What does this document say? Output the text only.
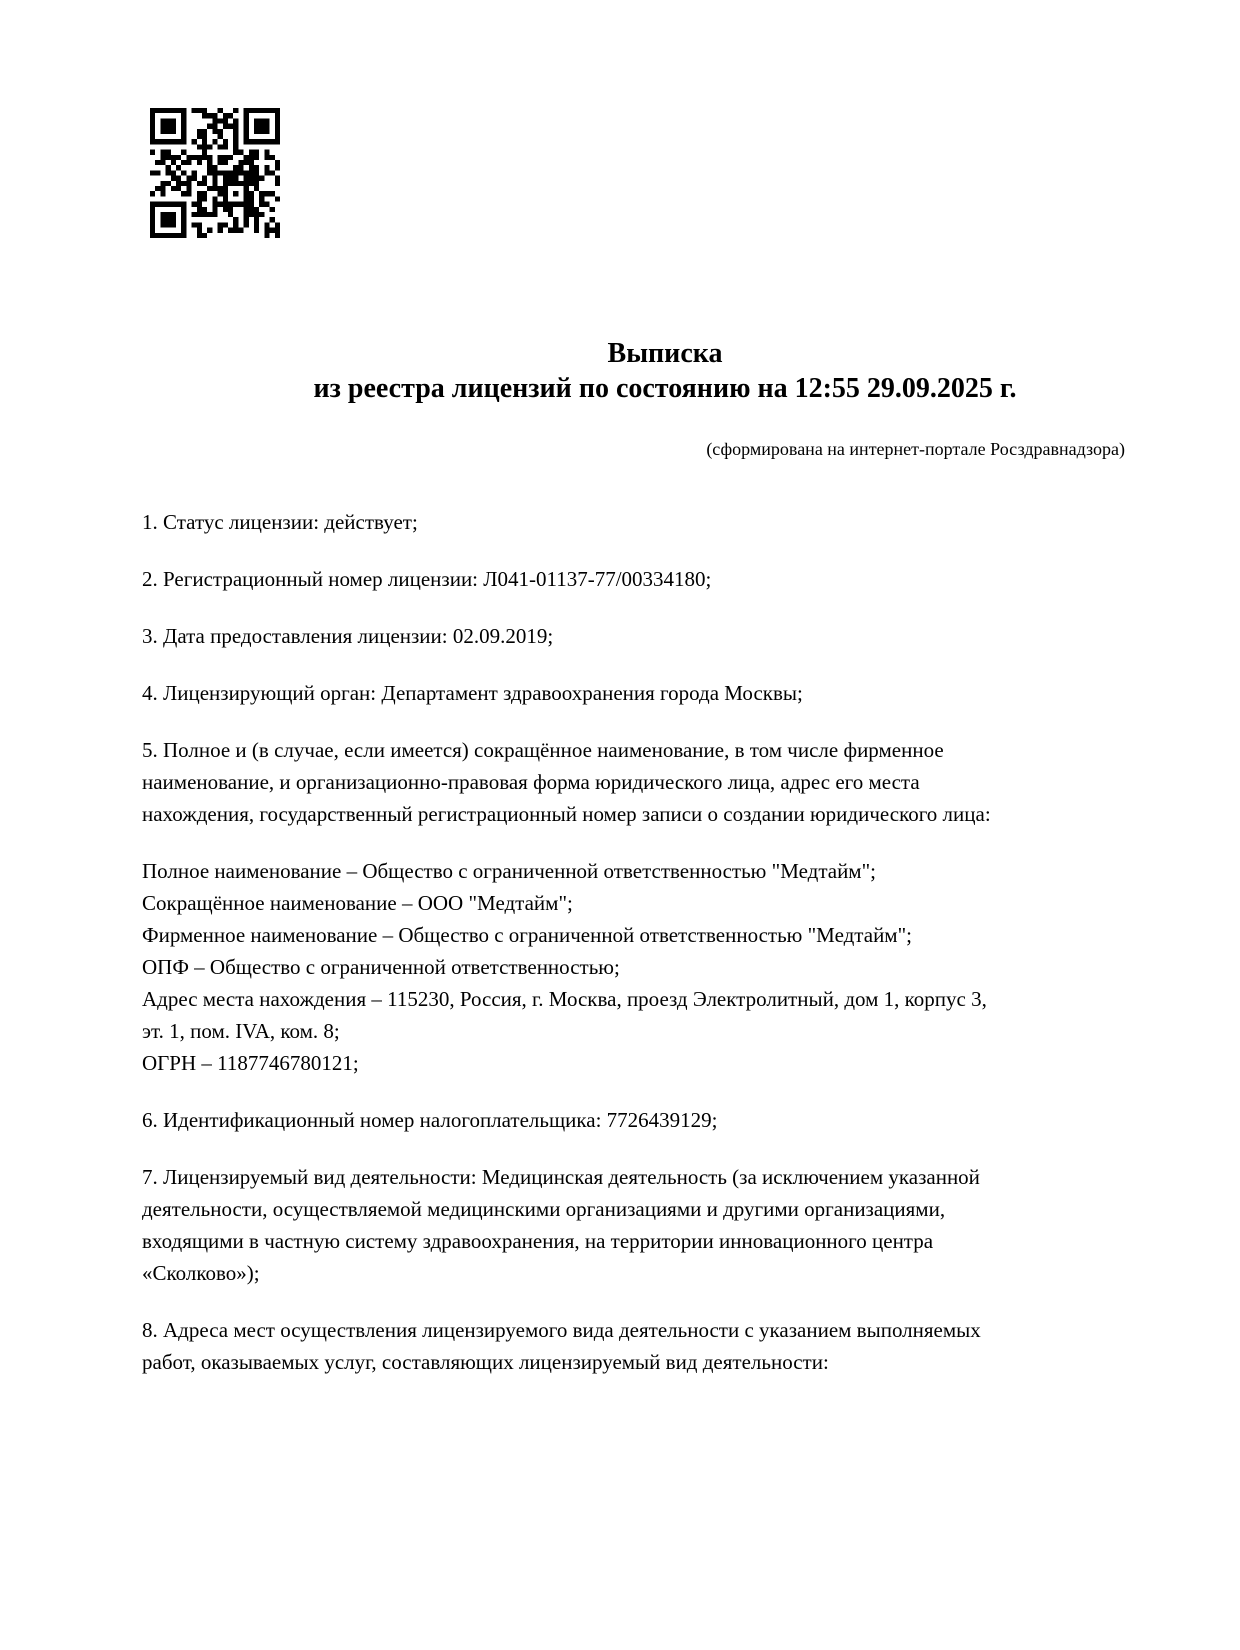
Выписка
из реестра лицензий по состоянию на 12:55 29.09.2025 г.
(сформирована на интернет-портале Росздравнадзора)
1. Статус лицензии: действует;
2. Регистрационный номер лицензии: Л041-01137-77/00334180;
3. Дата предоставления лицензии: 02.09.2019;
4. Лицензирующий орган: Департамент здравоохранения города Москвы;
5. Полное и (в случае, если имеется) сокращённое наименование, в том числе фирменное
наименование, и организационно-правовая форма юридического лица, адрес его места
нахождения, государственный регистрационный номер записи о создании юридического лица:
Полное наименование – Общество с ограниченной ответственностью "Медтайм";
Сокращённое наименование – ООО "Медтайм";
Фирменное наименование – Общество с ограниченной ответственностью "Медтайм";
ОПФ – Общество с ограниченной ответственностью;
Адрес места нахождения – 115230, Россия, г. Москва, проезд Электролитный, дом 1, корпус 3,
эт. 1, пом. IVA, ком. 8;
ОГРН – 1187746780121;
6. Идентификационный номер налогоплательщика: 7726439129;
7. Лицензируемый вид деятельности: Медицинская деятельность (за исключением указанной
деятельности, осуществляемой медицинскими организациями и другими организациями,
входящими в частную систему здравоохранения, на территории инновационного центра
«Сколково»);
8. Адреса мест осуществления лицензируемого вида деятельности с указанием выполняемых
работ, оказываемых услуг, составляющих лицензируемый вид деятельности:
